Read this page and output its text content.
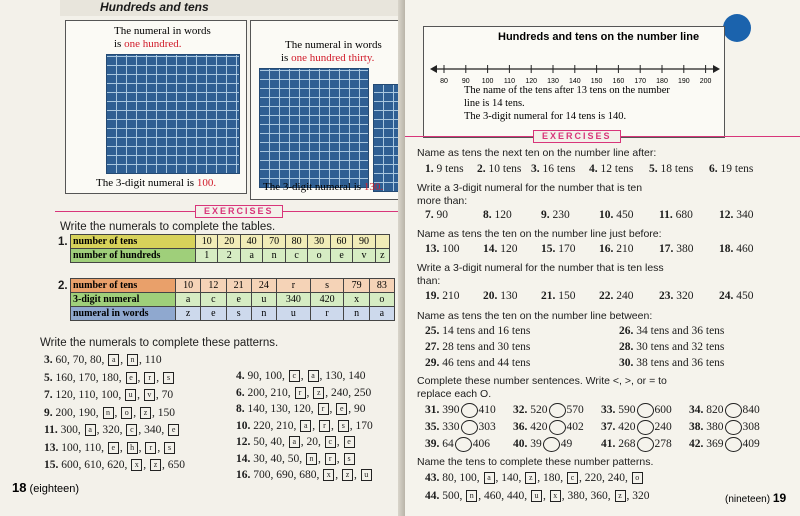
Hundreds and tens
The numeral in words
is one hundred.
The 3-digit numeral is 100.
The numeral in words
is one hundred thirty.
The 3-digit numeral is 130.
EXERCISES
Write the numerals to complete the tables.
1. number of tens	10	20	40	70	80	30	60	90	
number of hundreds	1	2	a	n	c	o	e	v	z
2. number of tens	10	12	21	24	r	s	79	83
3-digit numeral	a	c	e	u	340	420	x	o
numeral in words	z	e	s	n	u	r	n	a
Write the numerals to complete these patterns.
3. 60, 70, 80, a , n , 110
5. 160, 170, 180, e , r , s
7. 120, 110, 100, u , v , 70
9. 200, 190, n , o , z , 150
11. 300, a , 320, c , 340, e
13. 100, 110, e , h , r , s
15. 600, 610, 620, x , z , 650
4. 90, 100, c , a , 130, 140
6. 200, 210, r , z , 240, 250
8. 140, 130, 120, r , e , 90
10. 220, 210, a , r , s , 170
12. 50, 40, a , 20, c , e
14. 30, 40, 50, n , r , s
16. 700, 690, 680, x , z , u
18 (eighteen)
Hundreds and tens on the number line
80 90 100 110 120 130 140 150 160 170 180 190 200
The name of the tens after 13 tens on the number
line is 14 tens.
The 3-digit numeral for 14 tens is 140.
EXERCISES
Name as tens the next ten on the number line after:
1. 9 tens 2. 10 tens 3. 16 tens 4. 12 tens 5. 18 tens 6. 19 tens
Write a 3-digit numeral for the number that is ten
more than:
7. 90	8. 120	9. 230	10. 450 11. 680 12. 340
Name as tens the ten on the number line just before:
13. 100 14. 120 15. 170 16. 210 17. 380 18. 460
Write a 3-digit numeral for the number that is ten less
than:
19. 210 20. 130 21. 150 22. 240 23. 320 24. 450
Name as tens the ten on the number line between:
25. 14 tens and 16 tens	26. 34 tens and 36 tens
27. 28 tens and 30 tens	28. 30 tens and 32 tens
29. 46 tens and 44 tens	30. 38 tens and 36 tens
Complete these number sentences. Write <, >, or = to
replace each O.
31. 390 410 32. 520 570 33. 590 600 34. 820 840
35. 330 303 36. 420 402 37. 420 240 38. 380 308
39. 64 406 40. 39 49	41. 268 278 42. 369 409
Name the tens to complete these number patterns.
43. 80, 100, a , 140, z , 180, c , 220, 240, o
44. 500, n , 460, 440, u , x , 380, 360, z , 320	(nineteen) 19
